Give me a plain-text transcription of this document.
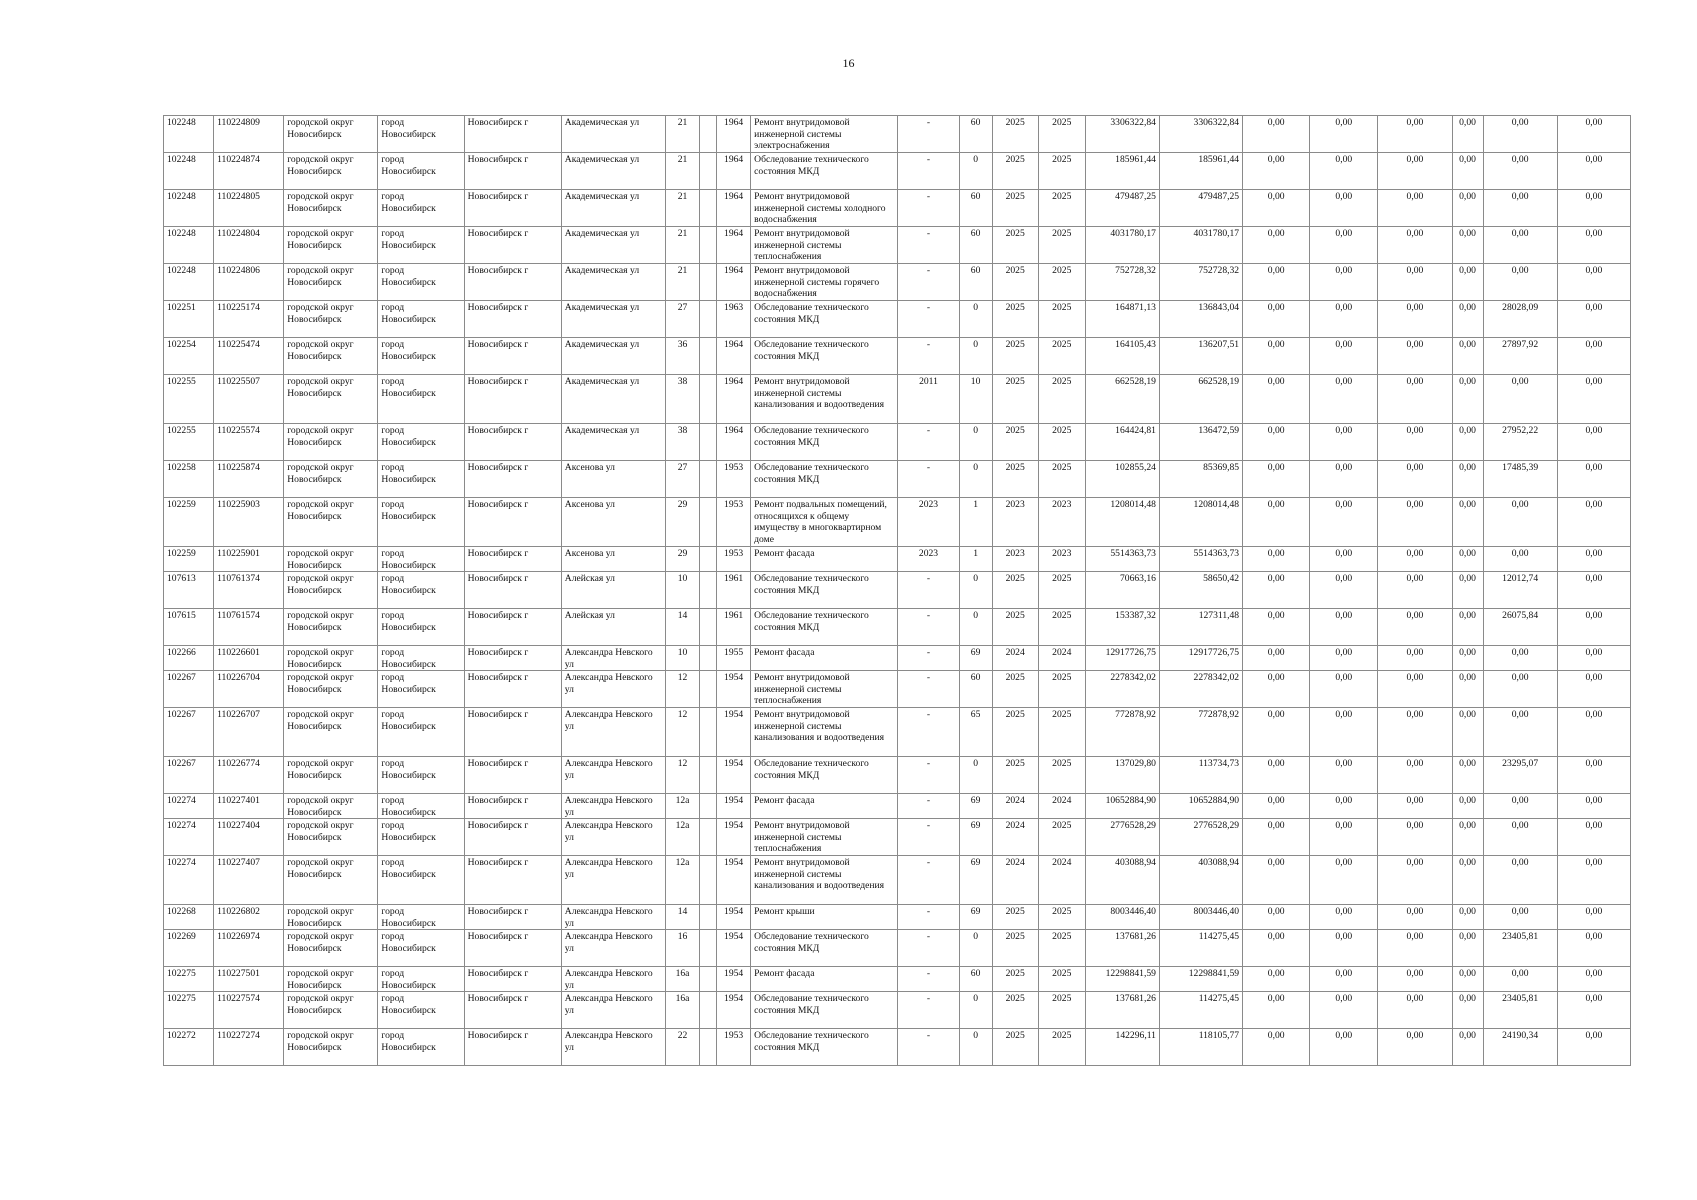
16
102248	110224809	городской округ Новосибирск	город Новосибирск	Новосибирск г	Академическая ул	21		1964	Ремонт внутридомовой инженерной системы электроснабжения	-	60	2025	2025	3306322,84	3306322,84	0,00	0,00	0,00	0,00	0,00	0,00
102248	110224874	городской округ Новосибирск	город Новосибирск	Новосибирск г	Академическая ул	21		1964	Обследование технического состояния МКД	-	0	2025	2025	185961,44	185961,44	0,00	0,00	0,00	0,00	0,00	0,00
102248	110224805	городской округ Новосибирск	город Новосибирск	Новосибирск г	Академическая ул	21		1964	Ремонт внутридомовой инженерной системы холодного водоснабжения	-	60	2025	2025	479487,25	479487,25	0,00	0,00	0,00	0,00	0,00	0,00
102248	110224804	городской округ Новосибирск	город Новосибирск	Новосибирск г	Академическая ул	21		1964	Ремонт внутридомовой инженерной системы теплоснабжения	-	60	2025	2025	4031780,17	4031780,17	0,00	0,00	0,00	0,00	0,00	0,00
102248	110224806	городской округ Новосибирск	город Новосибирск	Новосибирск г	Академическая ул	21		1964	Ремонт внутридомовой инженерной системы горячего водоснабжения	-	60	2025	2025	752728,32	752728,32	0,00	0,00	0,00	0,00	0,00	0,00
102251	110225174	городской округ Новосибирск	город Новосибирск	Новосибирск г	Академическая ул	27		1963	Обследование технического состояния МКД	-	0	2025	2025	164871,13	136843,04	0,00	0,00	0,00	0,00	28028,09	0,00
102254	110225474	городской округ Новосибирск	город Новосибирск	Новосибирск г	Академическая ул	36		1964	Обследование технического состояния МКД	-	0	2025	2025	164105,43	136207,51	0,00	0,00	0,00	0,00	27897,92	0,00
102255	110225507	городской округ Новосибирск	город Новосибирск	Новосибирск г	Академическая ул	38		1964	Ремонт внутридомовой инженерной системы канализования и водоотведения	2011	10	2025	2025	662528,19	662528,19	0,00	0,00	0,00	0,00	0,00	0,00
102255	110225574	городской округ Новосибирск	город Новосибирск	Новосибирск г	Академическая ул	38		1964	Обследование технического состояния МКД	-	0	2025	2025	164424,81	136472,59	0,00	0,00	0,00	0,00	27952,22	0,00
102258	110225874	городской округ Новосибирск	город Новосибирск	Новосибирск г	Аксенова ул	27		1953	Обследование технического состояния МКД	-	0	2025	2025	102855,24	85369,85	0,00	0,00	0,00	0,00	17485,39	0,00
102259	110225903	городской округ Новосибирск	город Новосибирск	Новосибирск г	Аксенова ул	29		1953	Ремонт подвальных помещений, относящихся к общему имуществу в многоквартирном доме	2023	1	2023	2023	1208014,48	1208014,48	0,00	0,00	0,00	0,00	0,00	0,00
102259	110225901	городской округ Новосибирск	город Новосибирск	Новосибирск г	Аксенова ул	29		1953	Ремонт фасада	2023	1	2023	2023	5514363,73	5514363,73	0,00	0,00	0,00	0,00	0,00	0,00
107613	110761374	городской округ Новосибирск	город Новосибирск	Новосибирск г	Алейская ул	10		1961	Обследование технического состояния МКД	-	0	2025	2025	70663,16	58650,42	0,00	0,00	0,00	0,00	12012,74	0,00
107615	110761574	городской округ Новосибирск	город Новосибирск	Новосибирск г	Алейская ул	14		1961	Обследование технического состояния МКД	-	0	2025	2025	153387,32	127311,48	0,00	0,00	0,00	0,00	26075,84	0,00
102266	110226601	городской округ Новосибирск	город Новосибирск	Новосибирск г	Александра Невского ул	10		1955	Ремонт фасада	-	69	2024	2024	12917726,75	12917726,75	0,00	0,00	0,00	0,00	0,00	0,00
102267	110226704	городской округ Новосибирск	город Новосибирск	Новосибирск г	Александра Невского ул	12		1954	Ремонт внутридомовой инженерной системы теплоснабжения	-	60	2025	2025	2278342,02	2278342,02	0,00	0,00	0,00	0,00	0,00	0,00
102267	110226707	городской округ Новосибирск	город Новосибирск	Новосибирск г	Александра Невского ул	12		1954	Ремонт внутридомовой инженерной системы канализования и водоотведения	-	65	2025	2025	772878,92	772878,92	0,00	0,00	0,00	0,00	0,00	0,00
102267	110226774	городской округ Новосибирск	город Новосибирск	Новосибирск г	Александра Невского ул	12		1954	Обследование технического состояния МКД	-	0	2025	2025	137029,80	113734,73	0,00	0,00	0,00	0,00	23295,07	0,00
102274	110227401	городской округ Новосибирск	город Новосибирск	Новосибирск г	Александра Невского ул	12а		1954	Ремонт фасада	-	69	2024	2024	10652884,90	10652884,90	0,00	0,00	0,00	0,00	0,00	0,00
102274	110227404	городской округ Новосибирск	город Новосибирск	Новосибирск г	Александра Невского ул	12а		1954	Ремонт внутридомовой инженерной системы теплоснабжения	-	69	2024	2025	2776528,29	2776528,29	0,00	0,00	0,00	0,00	0,00	0,00
102274	110227407	городской округ Новосибирск	город Новосибирск	Новосибирск г	Александра Невского ул	12а		1954	Ремонт внутридомовой инженерной системы канализования и водоотведения	-	69	2024	2024	403088,94	403088,94	0,00	0,00	0,00	0,00	0,00	0,00
102268	110226802	городской округ Новосибирск	город Новосибирск	Новосибирск г	Александра Невского ул	14		1954	Ремонт крыши	-	69	2025	2025	8003446,40	8003446,40	0,00	0,00	0,00	0,00	0,00	0,00
102269	110226974	городской округ Новосибирск	город Новосибирск	Новосибирск г	Александра Невского ул	16		1954	Обследование технического состояния МКД	-	0	2025	2025	137681,26	114275,45	0,00	0,00	0,00	0,00	23405,81	0,00
102275	110227501	городской округ Новосибирск	город Новосибирск	Новосибирск г	Александра Невского ул	16а		1954	Ремонт фасада	-	60	2025	2025	12298841,59	12298841,59	0,00	0,00	0,00	0,00	0,00	0,00
102275	110227574	городской округ Новосибирск	город Новосибирск	Новосибирск г	Александра Невского ул	16а		1954	Обследование технического состояния МКД	-	0	2025	2025	137681,26	114275,45	0,00	0,00	0,00	0,00	23405,81	0,00
102272	110227274	городской округ Новосибирск	город Новосибирск	Новосибирск г	Александра Невского ул	22		1953	Обследование технического состояния МКД	-	0	2025	2025	142296,11	118105,77	0,00	0,00	0,00	0,00	24190,34	0,00
